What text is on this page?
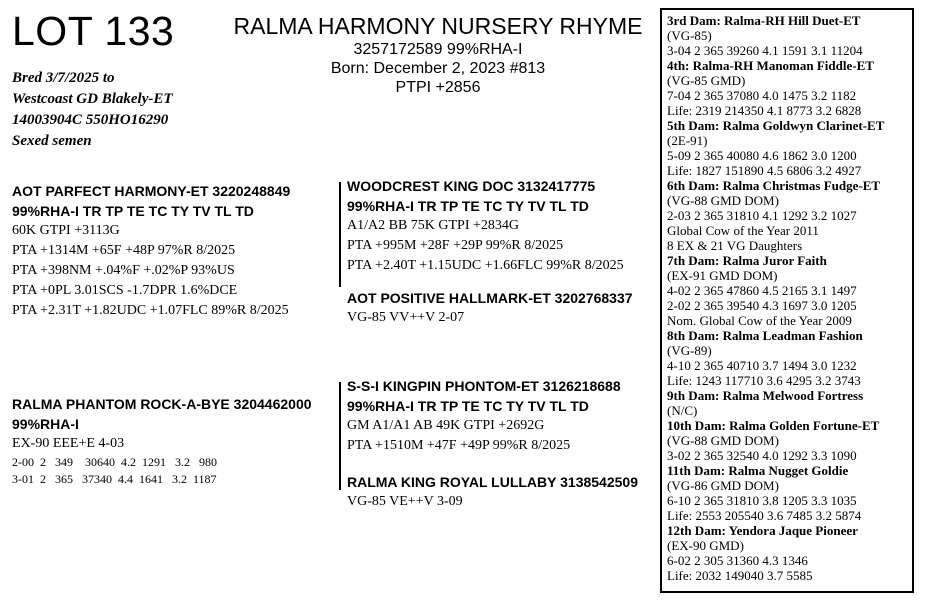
LOT 133	RALMA HARMONY NURSERY RHYME
3257172589 99%RHA-I
Born: December 2, 2023 #813
PTPI +2856
Bred 3/7/2025 to
Westcoast GD Blakely-ET
14003904C 550HO16290
Sexed semen
AOT PARFECT HARMONY-ET 3220248849
99%RHA-I TR TP TE TC TY TV TL TD
60K GTPI +3113G
PTA +1314M +65F +48P 97%R 8/2025
PTA +398NM +.04%F +.02%P 93%US
PTA +0PL 3.01SCS -1.7DPR 1.6%DCE
PTA +2.31T +1.82UDC +1.07FLC 89%R 8/2025
RALMA PHANTOM ROCK-A-BYE 3204462000
99%RHA-I
EX-90 EEE+E 4-03
2-00  2   349    30640  4.2  1291   3.2   980
3-01  2   365   37340  4.4  1641   3.2  1187
WOODCREST KING DOC 3132417775
99%RHA-I TR TP TE TC TY TV TL TD
A1/A2 BB 75K GTPI +2834G
PTA +995M +28F +29P 99%R 8/2025
PTA +2.40T +1.15UDC +1.66FLC 99%R 8/2025
AOT POSITIVE HALLMARK-ET 3202768337
VG-85 VV++V 2-07
S-S-I KINGPIN PHONTOM-ET 3126218688
99%RHA-I TR TP TE TC TY TV TL TD
GM A1/A1 AB 49K GTPI +2692G
PTA +1510M +47F +49P 99%R 8/2025
RALMA KING ROYAL LULLABY 3138542509
VG-85 VE++V 3-09
3rd Dam: Ralma-RH Hill Duet-ET
(VG-85)
3-04 2 365 39260 4.1 1591 3.1 11204
4th: Ralma-RH Manoman Fiddle-ET
(VG-85 GMD)
7-04 2 365 37080 4.0 1475 3.2 1182
Life: 2319 214350 4.1 8773 3.2 6828
5th Dam: Ralma Goldwyn Clarinet-ET
(2E-91)
5-09 2 365 40080 4.6 1862 3.0 1200
Life: 1827 151890 4.5 6806 3.2 4927
6th Dam: Ralma Christmas Fudge-ET
(VG-88 GMD DOM)
2-03 2 365 31810 4.1 1292 3.2 1027
Global Cow of the Year 2011
8 EX & 21 VG Daughters
7th Dam: Ralma Juror Faith
(EX-91 GMD DOM)
4-02 2 365 47860 4.5 2165 3.1 1497
2-02 2 365 39540 4.3 1697 3.0 1205
Nom. Global Cow of the Year 2009
8th Dam: Ralma Leadman Fashion
(VG-89)
4-10 2 365 40710 3.7 1494 3.0 1232
Life: 1243 117710 3.6 4295 3.2 3743
9th Dam: Ralma Melwood Fortress
(N/C)
10th Dam: Ralma Golden Fortune-ET
(VG-88 GMD DOM)
3-02 2 365 32540 4.0 1292 3.3 1090
11th Dam: Ralma Nugget Goldie
(VG-86 GMD DOM)
6-10 2 365 31810 3.8 1205 3.3 1035
Life: 2553 205540 3.6 7485 3.2 5874
12th Dam: Yendora Jaque Pioneer
(EX-90 GMD)
6-02 2 305 31360 4.3 1346
Life: 2032 149040 3.7 5585
